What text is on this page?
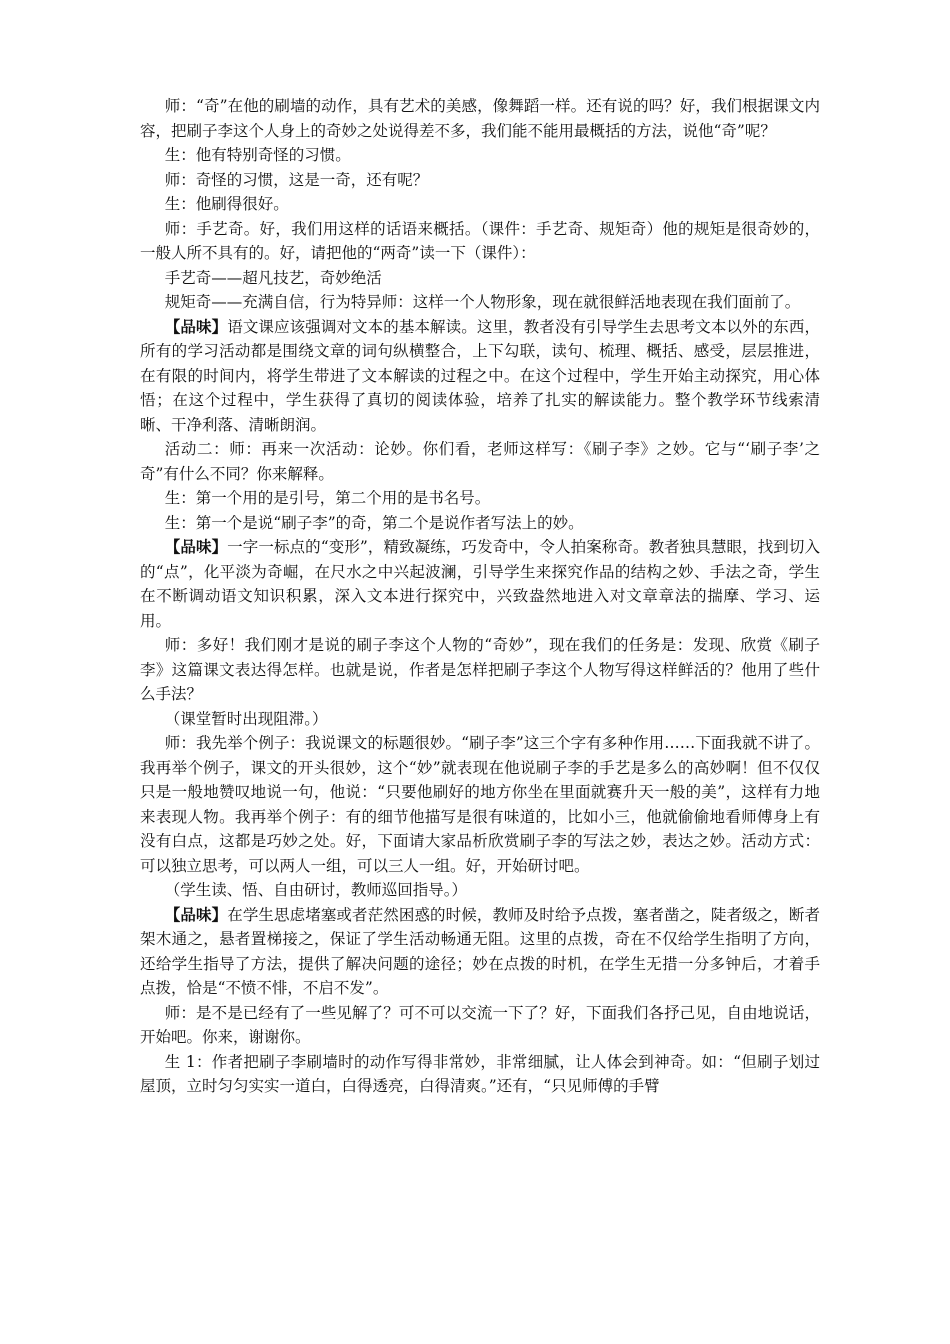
师：“奇”在他的刷墙的动作，具有艺术的美感，像舞蹈一样。还有说的吗？好，我们根据课文内容，把刷子李这个人身上的奇妙之处说得差不多，我们能不能用最概括的方法，说他“奇”呢？

生：他有特别奇怪的习惯。

师：奇怪的习惯，这是一奇，还有呢？

生：他刷得很好。

师：手艺奇。好，我们用这样的话语来概括。（课件：手艺奇、规矩奇）他的规矩是很奇妙的，一般人所不具有的。好，请把他的“两奇”读一下（课件）：

手艺奇——超凡技艺，奇妙绝活

规矩奇——充满自信，行为特异师：这样一个人物形象，现在就很鲜活地表现在我们面前了。

【品味】语文课应该强调对文本的基本解读。这里，教者没有引导学生去思考文本以外的东西，所有的学习活动都是围绕文章的词句纵横整合，上下勾联，读句、梳理、概括、感受，层层推进，在有限的时间内，将学生带进了文本解读的过程之中。在这个过程中，学生开始主动探究，用心体悟；在这个过程中，学生获得了真切的阅读体验，培养了扎实的解读能力。整个教学环节线索清晰、干净利落、清晰朗润。

活动二：师：再来一次活动：论妙。你们看，老师这样写：《刷子李》之妙。它与“‘刷子李’之奇”有什么不同？你来解释。

生：第一个用的是引号，第二个用的是书名号。

生：第一个是说“刷子李”的奇，第二个是说作者写法上的妙。

【品味】一字一标点的“变形”，精致凝练，巧发奇中，令人拍案称奇。教者独具慧眼，找到切入的“点”，化平淡为奇崛，在尺水之中兴起波澜，引导学生来探究作品的结构之妙、手法之奇，学生在不断调动语文知识积累，深入文本进行探究中，兴致盎然地进入对文章章法的揣摩、学习、运用。

师：多好！我们刚才是说的刷子李这个人物的“奇妙”，现在我们的任务是：发现、欣赏《刷子李》这篇课文表达得怎样。也就是说，作者是怎样把刷子李这个人物写得这样鲜活的？他用了些什么手法？

（课堂暂时出现阻滞。）

师：我先举个例子：我说课文的标题很妙。“刷子李”这三个字有多种作用……下面我就不讲了。我再举个例子，课文的开头很妙，这个“妙”就表现在他说刷子李的手艺是多么的高妙啊！但不仅仅只是一般地赞叹地说一句，他说：“只要他刷好的地方你坐在里面就赛升天一般的美”，这样有力地来表现人物。我再举个例子：有的细节他描写是很有味道的，比如小三，他就偷偷地看师傅身上有没有白点，这都是巧妙之处。好，下面请大家品析欣赏刷子李的写法之妙，表达之妙。活动方式：可以独立思考，可以两人一组，可以三人一组。好，开始研讨吧。

（学生读、悟、自由研讨，教师巡回指导。）

【品味】在学生思虑堵塞或者茫然困惑的时候，教师及时给予点拨，塞者凿之，陡者级之，断者架木通之，悬者置梯接之，保证了学生活动畅通无阻。这里的点拨，奇在不仅给学生指明了方向，还给学生指导了方法，提供了解决问题的途径；妙在点拨的时机，在学生无措一分多钟后，才着手点拨，恰是“不愤不悱，不启不发”。

师：是不是已经有了一些见解了？可不可以交流一下了？好，下面我们各抒己见，自由地说话，开始吧。你来，谢谢你。

生 1：作者把刷子李刷墙时的动作写得非常妙，非常细腻，让人体会到神奇。如：“但刷子划过屋顶，立时匀匀实实一道白，白得透亮，白得清爽。”还有，“只见师傅的手臂
